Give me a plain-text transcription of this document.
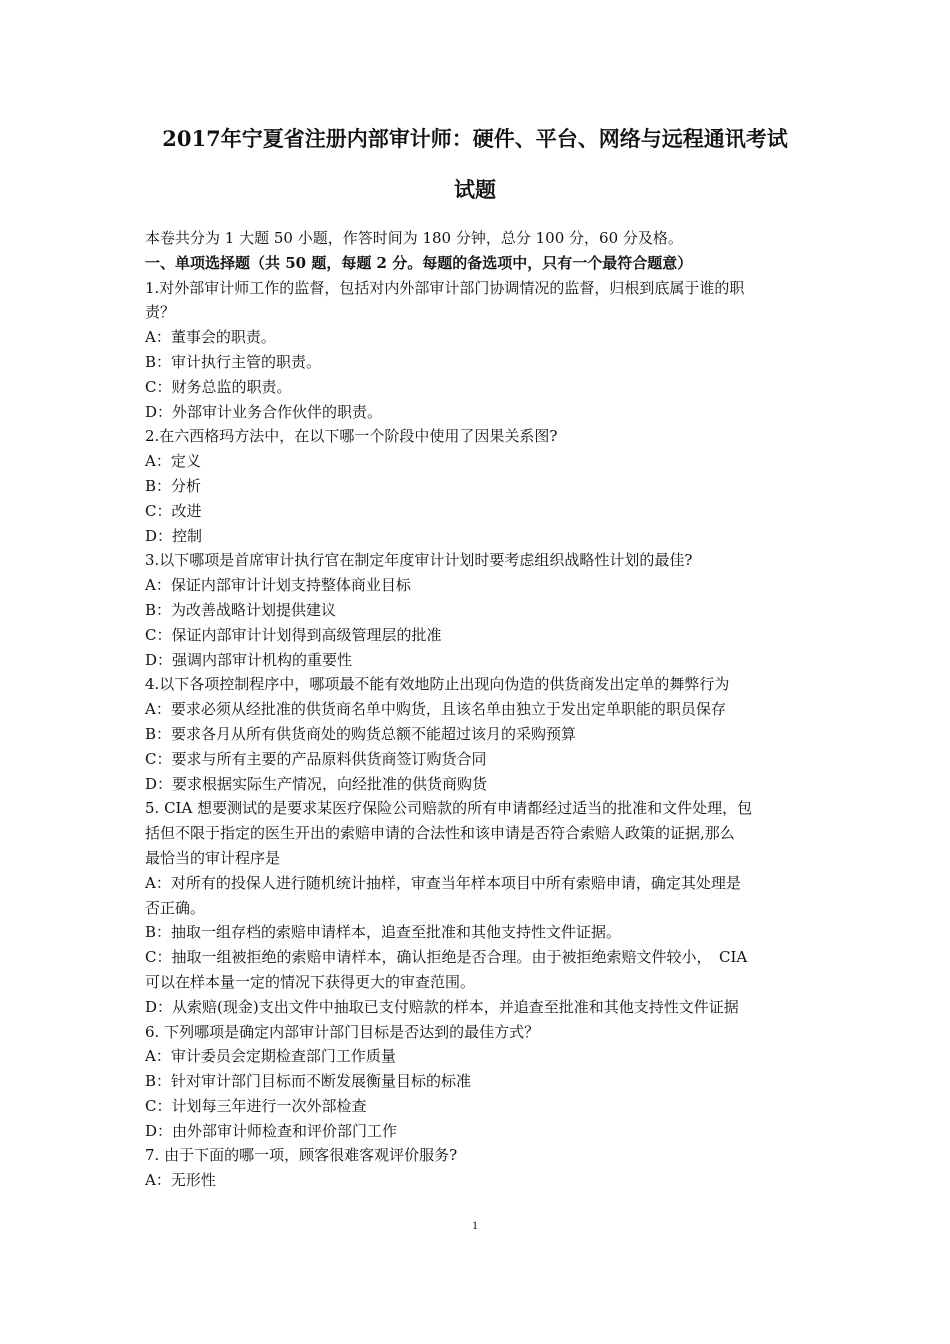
2017年宁夏省注册内部审计师：硬件、平台、网络与远程通讯考试
试题

本卷共分为 1 大题 50 小题，作答时间为 180 分钟，总分 100 分，60 分及格。

一、单项选择题（共 50 题，每题 2 分。每题的备选项中，只有一个最符合题意）

1.对外部审计师工作的监督，包括对内外部审计部门协调情况的监督，归根到底属于谁的职

责？

A：董事会的职责。

B：审计执行主管的职责。

C：财务总监的职责。

D：外部审计业务合作伙伴的职责。

2.在六西格玛方法中，在以下哪一个阶段中使用了因果关系图?

A：定义

B：分析

C：改进

D：控制

3.以下哪项是首席审计执行官在制定年度审计计划时要考虑组织战略性计划的最佳?

A：保证内部审计计划支持整体商业目标

B：为改善战略计划提供建议

C：保证内部审计计划得到高级管理层的批准

D：强调内部审计机构的重要性

4.以下各项控制程序中，哪项最不能有效地防止出现向伪造的供货商发出定单的舞弊行为

A：要求必须从经批准的供货商名单中购货，且该名单由独立于发出定单职能的职员保存

B：要求各月从所有供货商处的购货总额不能超过该月的采购预算

C：要求与所有主要的产品原料供货商签订购货合同

D：要求根据实际生产情况，向经批准的供货商购货

5. CIA 想要测试的是要求某医疗保险公司赔款的所有申请都经过适当的批准和文件处理，包

括但不限于指定的医生开出的索赔申请的合法性和该申请是否符合索赔人政策的证据,那么

最恰当的审计程序是

A：对所有的投保人进行随机统计抽样，审查当年样本项目中所有索赔申请，确定其处理是

否正确。

B：抽取一组存档的索赔申请样本，追查至批准和其他支持性文件证据。

C：抽取一组被拒绝的索赔申请样本，确认拒绝是否合理。由于被拒绝索赔文件较小，　CIA

可以在样本量一定的情况下获得更大的审查范围。

D：从索赔(现金)支出文件中抽取已支付赔款的样本，并追查至批准和其他支持性文件证据

6. 下列哪项是确定内部审计部门目标是否达到的最佳方式？

A：审计委员会定期检查部门工作质量

B：针对审计部门目标而不断发展衡量目标的标准

C：计划每三年进行一次外部检查

D：由外部审计师检查和评价部门工作

7. 由于下面的哪一项，顾客很难客观评价服务?

A：无形性

1
